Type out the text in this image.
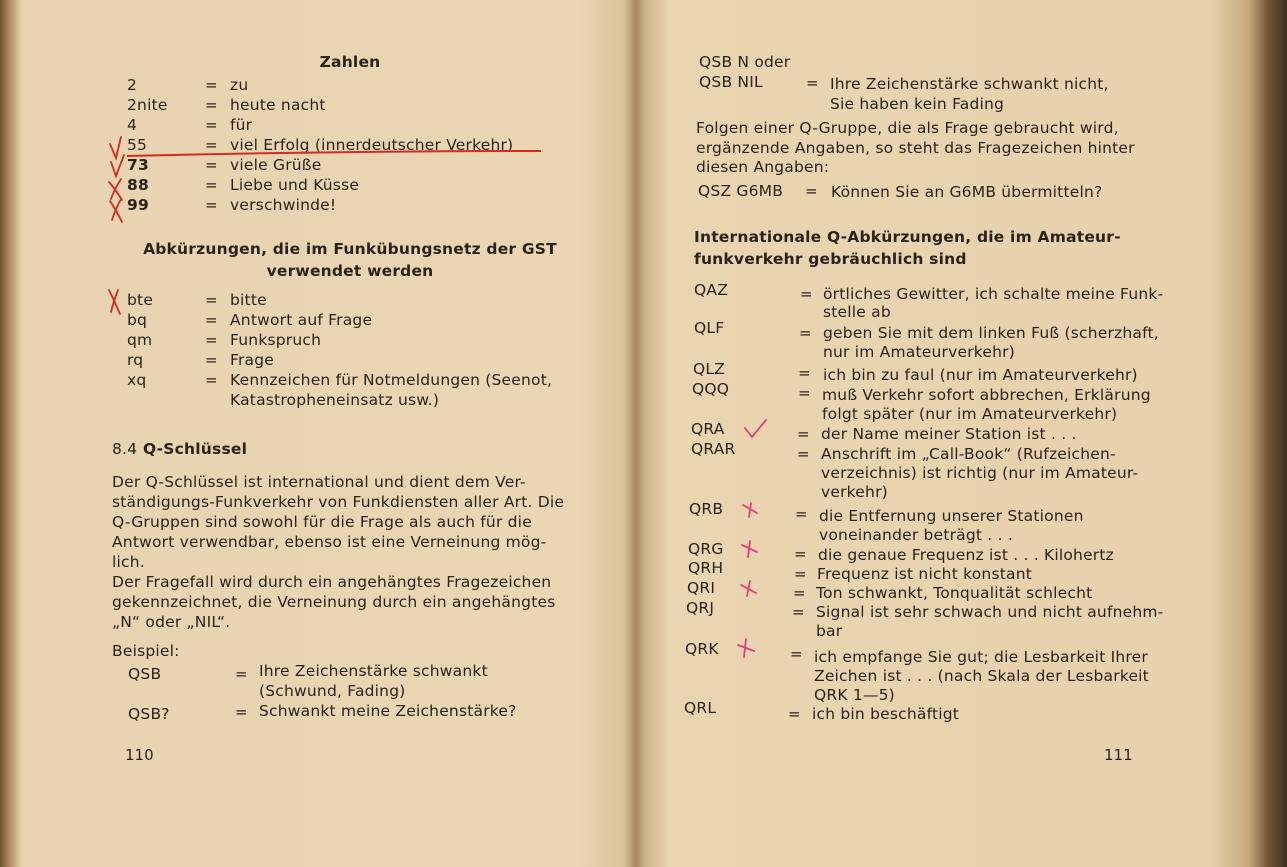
Zahlen
2	= zu
2nite = heute nacht
4	= für
55	= viel Erfolg (innerdeutscher Verkehr)
73	= viele Grüße
88	= Liebe und Küsse
99	= verschwinde!
Abkürzungen, die im Funkübungsnetz der GST
verwendet werden
bte	= bitte
bq	= Antwort auf Frage
qm	= Funkspruch
rq	= Frage
xq	= Kennzeichen für Notmeldungen (Seenot,
Katastropheneinsatz usw.)
8.4 Q-Schlüssel
Der Q-Schlüssel ist international und dient dem Ver-
ständigungs-Funkverkehr von Funkdiensten aller Art. Die
Q-Gruppen sind sowohl für die Frage als auch für die
Antwort verwendbar, ebenso ist eine Verneinung mög-
lich.
Der Fragefall wird durch ein angehängtes Fragezeichen
gekennzeichnet, die Verneinung durch ein angehängtes
„N“ oder „NIL“.
Beispiel:
QSB	= Ihre Zeichenstärke schwankt
(Schwund, Fading)
QSB?	= Schwankt meine Zeichenstärke?
110
QSB N oder
QSB NIL	= Ihre Zeichenstärke schwankt nicht,
Sie haben kein Fading
Folgen einer Q-Gruppe, die als Frage gebraucht wird,
ergänzende Angaben, so steht das Fragezeichen hinter
diesen Angaben:
QSZ G6MB = Können Sie an G6MB übermitteln?
Internationale Q-Abkürzungen, die im Amateur-
funkverkehr gebräuchlich sind
QAZ	= örtliches Gewitter, ich schalte meine Funk-
stelle ab
QLF	= geben Sie mit dem linken Fuß (scherzhaft,
nur im Amateurverkehr)
QLZ	= ich bin zu faul (nur im Amateurverkehr)
QQQ	= muß Verkehr sofort abbrechen, Erklärung
folgt später (nur im Amateurverkehr)
QRA	= der Name meiner Station ist . . .
QRAR	= Anschrift im „Call-Book“ (Rufzeichen-
verzeichnis) ist richtig (nur im Amateur-
verkehr)
QRB	= die Entfernung unserer Stationen
voneinander beträgt . . .
QRG	= die genaue Frequenz ist . . . Kilohertz
QRH	= Frequenz ist nicht konstant
QRI	= Ton schwankt, Tonqualität schlecht
QRJ	= Signal ist sehr schwach und nicht aufnehm-
bar
QRK	= ich empfange Sie gut; die Lesbarkeit Ihrer
Zeichen ist . . . (nach Skala der Lesbarkeit
QRK 1—5)
QRL	= ich bin beschäftigt
111
